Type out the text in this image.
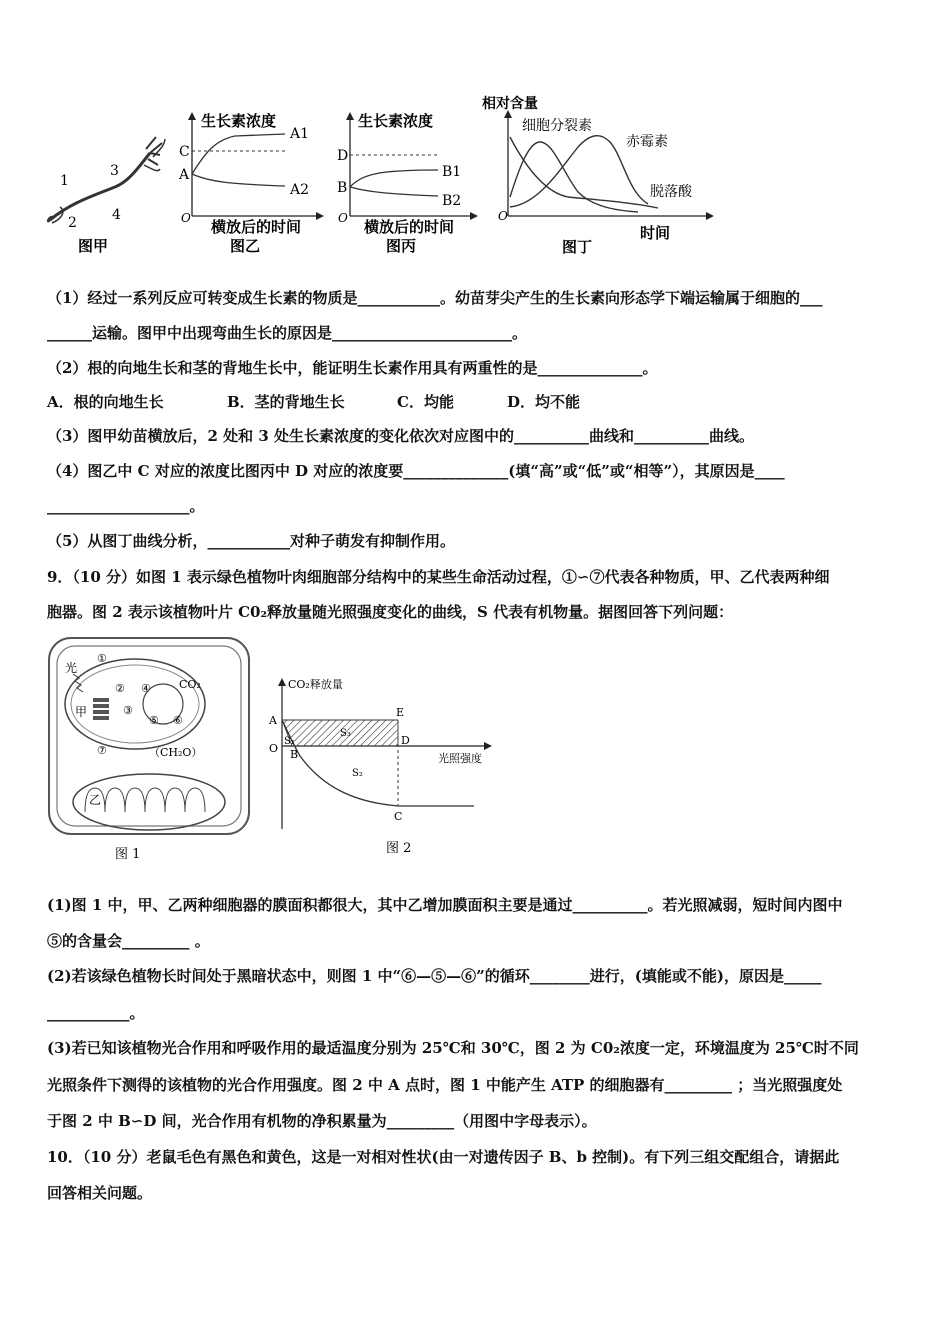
1
2
3
4
图甲
生长素浓度
O
C
A
A1
A2
横放后的时间
图乙
生长素浓度
O
D
B
B1
B2
横放后的时间
图丙
相对含量
O
细胞分裂素
赤霉素
脱落酸
时间
图丁
（1）经过一系列反应可转变成生长素的物质是___________。幼苗芽尖产生的生长素向形态学下端运输属于细胞的___
______运输。图甲中出现弯曲生长的原因是________________________。
（2）根的向地生长和茎的背地生长中，能证明生长素作用具有两重性的是______________。
A．根的向地生长	B．茎的背地生长	C．均能	D．均不能
（3）图甲幼苗横放后，2 处和 3 处生长素浓度的变化依次对应图中的__________曲线和__________曲线。
（4）图乙中 C 对应的浓度比图丙中 D 对应的浓度要______________(填“高”或“低”或“相等”），其原因是____
___________________。
（5）从图丁曲线分析，___________对种子萌发有抑制作用。
9．（10 分）如图 1 表示绿色植物叶肉细胞部分结构中的某些生命活动过程，①∽⑦代表各种物质，甲、乙代表两种细
胞器。图 2 表示该植物叶片 C0₂释放量随光照强度变化的曲线，S 代表有机物量。据图回答下列问题：
甲
光
①
②
③
④
⑤ ⑥
⑦
CO₂
（CH₂O）
乙
图 1
CO₂释放量
光照强度
A
E
O B
D
C
S₁
S₃
S₂
图 2
(1)图 1 中，甲、乙两种细胞器的膜面积都很大，其中乙增加膜面积主要是通过__________。若光照减弱，短时间内图中
⑤的含量会_________ 。
(2)若该绿色植物长时间处于黑暗状态中，则图 1 中“⑥—⑤—⑥”的循环________进行，(填能或不能)，原因是_____
___________。
(3)若已知该植物光合作用和呼吸作用的最适温度分别为 25℃和 30℃，图 2 为 C0₂浓度一定，环境温度为 25℃时不同
光照条件下测得的该植物的光合作用强度。图 2 中 A 点时，图 1 中能产生 ATP 的细胞器有_________ ；当光照强度处
于图 2 中 B∽D 间，光合作用有机物的净积累量为_________（用图中字母表示）。
10．（10 分）老鼠毛色有黑色和黄色，这是一对相对性状(由一对遗传因子 B、b 控制)。有下列三组交配组合，请据此
回答相关问题。
